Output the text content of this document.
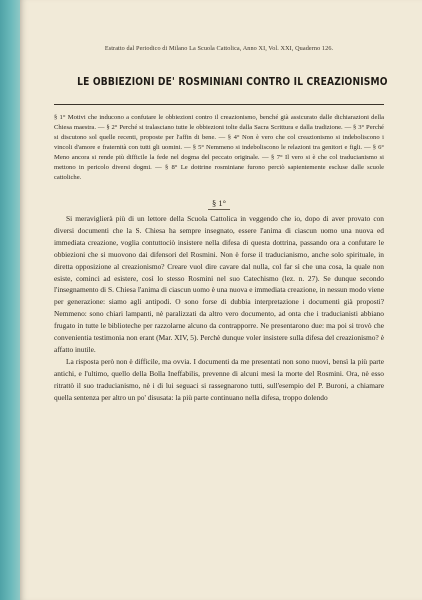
Estratto dal Periodico di Milano La Scuola Cattolica, Anno XI, Vol. XXI, Quaderno 126.
LE OBBIEZIONI DE' ROSMINIANI CONTRO IL CREAZIONISMO

§ 1° Motivi che inducono a confutare le obbiezioni contro il creazionismo, benché già assicurato dalle dichiarazioni della Chiesa maestra. — § 2° Perché si tralasciano tutte le obbiezioni tolte dalla Sacra Scrittura e dalla tradizione. — § 3° Perché si discutono sol quelle recenti, proposte per l'affin di bene. — § 4° Non è vero che col creazionismo si indeboliscono i vincoli d'amore e fraternità con tutti gli uomini. — § 5° Nemmeno si indeboliscono le relazioni tra genitori e figli. — § 6° Meno ancora si rende più difficile la fede nel dogma del peccato originale. — § 7° Il vero si è che col traducianismo si mettono in pericolo diversi dogmi. — § 8° Le dottrine rosminiane furono perciò sapientemente escluse dalle scuole cattoliche.

§ 1°

Si meraviglierà più di un lettore della Scuola Cattolica in veggendo che io, dopo di aver provato con diversi documenti che la S. Chiesa ha sempre insegnato, essere l'anima di ciascun uomo una nuova ed immediata creazione, voglia contuttociò insistere nella difesa di questa dottrina, passando ora a confutare le obbiezioni che si muovono dai difensori del Rosmini. Non è forse il traducianismo, anche solo spirituale, in diretta opposizione al creazionismo? Creare vuol dire cavare dal nulla, col far sì che una cosa, la quale non esiste, cominci ad esistere, così lo stesso Rosmini nel suo Catechismo (lez. n. 27). Se dunque secondo l'insegnamento di S. Chiesa l'anima di ciascun uomo è una nuova e immediata creazione, in nessun modo viene per generazione: siamo agli antipodi. O sono forse di dubbia interpretazione i documenti già proposti? Nemmeno: sono chiari lampanti, nè paralizzati da altro vero documento, ad onta che i traducianisti abbiano frugato in tutte le biblioteche per razzolarne alcuno da contrapporre. Ne presentarono due: ma poi si trovò che convenientia testimonia non erant (Mar. XIV, 5). Perchè dunque voler insistere sulla difesa del creazionismo? è affatto inutile.

La risposta però non è difficile, ma ovvia. I documenti da me presentati non sono nuovi, bensì la più parte antichi, e l'ultimo, quello della Bolla Ineffabilis, prevenne di alcuni mesi la morte del Rosmini. Ora, nè esso ritrattò il suo traducianismo, nè i di lui seguaci si rassegnarono tutti, sull'esempio del P. Buroni, a chiamare quella sentenza per altro un po' disusata: la più parte continuano nella difesa, troppo dolendo
